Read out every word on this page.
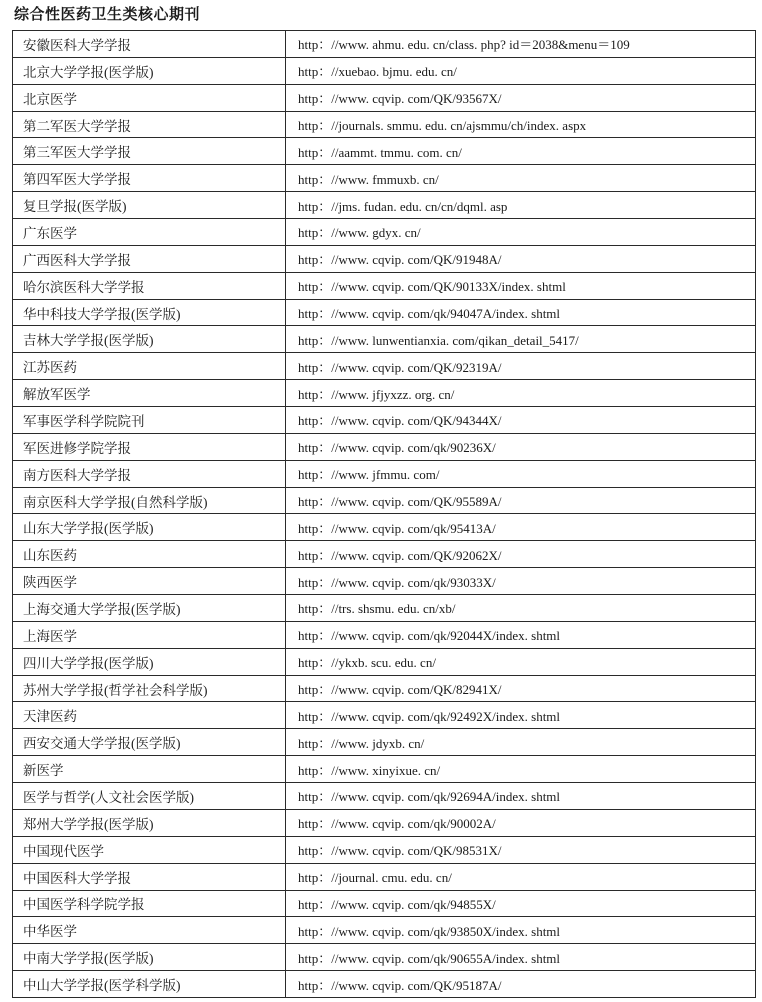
综合性医药卫生类核心期刊
安徽医科大学学报	http：//www. ahmu. edu. cn/class. php? id＝2038&menu＝109
北京大学学报(医学版)	http：//xuebao. bjmu. edu. cn/
北京医学	http：//www. cqvip. com/QK/93567X/
第二军医大学学报	http：//journals. smmu. edu. cn/ajsmmu/ch/index. aspx
第三军医大学学报	http：//aammt. tmmu. com. cn/
第四军医大学学报	http：//www. fmmuxb. cn/
复旦学报(医学版)	http：//jms. fudan. edu. cn/cn/dqml. asp
广东医学	http：//www. gdyx. cn/
广西医科大学学报	http：//www. cqvip. com/QK/91948A/
哈尔滨医科大学学报	http：//www. cqvip. com/QK/90133X/index. shtml
华中科技大学学报(医学版)	http：//www. cqvip. com/qk/94047A/index. shtml
吉林大学学报(医学版)	http：//www. lunwentianxia. com/qikan_detail_5417/
江苏医药	http：//www. cqvip. com/QK/92319A/
解放军医学	http：//www. jfjyxzz. org. cn/
军事医学科学院院刊	http：//www. cqvip. com/QK/94344X/
军医进修学院学报	http：//www. cqvip. com/qk/90236X/
南方医科大学学报	http：//www. jfmmu. com/
南京医科大学学报(自然科学版)	http：//www. cqvip. com/QK/95589A/
山东大学学报(医学版)	http：//www. cqvip. com/qk/95413A/
山东医药	http：//www. cqvip. com/QK/92062X/
陕西医学	http：//www. cqvip. com/qk/93033X/
上海交通大学学报(医学版)	http：//trs. shsmu. edu. cn/xb/
上海医学	http：//www. cqvip. com/qk/92044X/index. shtml
四川大学学报(医学版)	http：//ykxb. scu. edu. cn/
苏州大学学报(哲学社会科学版)	http：//www. cqvip. com/QK/82941X/
天津医药	http：//www. cqvip. com/qk/92492X/index. shtml
西安交通大学学报(医学版)	http：//www. jdyxb. cn/
新医学	http：//www. xinyixue. cn/
医学与哲学(人文社会医学版)	http：//www. cqvip. com/qk/92694A/index. shtml
郑州大学学报(医学版)	http：//www. cqvip. com/qk/90002A/
中国现代医学	http：//www. cqvip. com/QK/98531X/
中国医科大学学报	http：//journal. cmu. edu. cn/
中国医学科学院学报	http：//www. cqvip. com/qk/94855X/
中华医学	http：//www. cqvip. com/qk/93850X/index. shtml
中南大学学报(医学版)	http：//www. cqvip. com/qk/90655A/index. shtml
中山大学学报(医学科学版)	http：//www. cqvip. com/QK/95187A/
